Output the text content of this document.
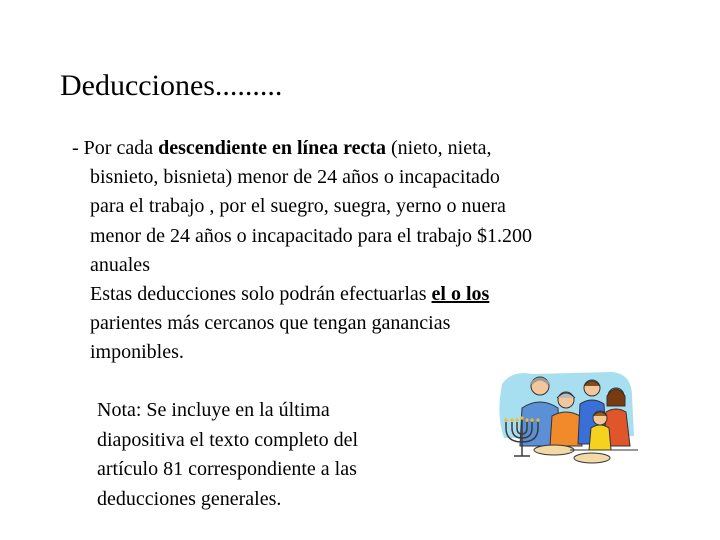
Deducciones.........
- Por cada descendiente en línea recta (nieto, nieta,
bisnieto, bisnieta) menor de 24 años o incapacitado
para el trabajo , por el suegro, suegra, yerno o nuera
menor de 24 años o incapacitado para el trabajo $1.200
anuales
Estas deducciones solo podrán efectuarlas el o los
parientes más cercanos que tengan ganancias
imponibles.
Nota: Se incluye en la última
diapositiva el texto completo del
artículo 81 correspondiente a las
deducciones generales.
